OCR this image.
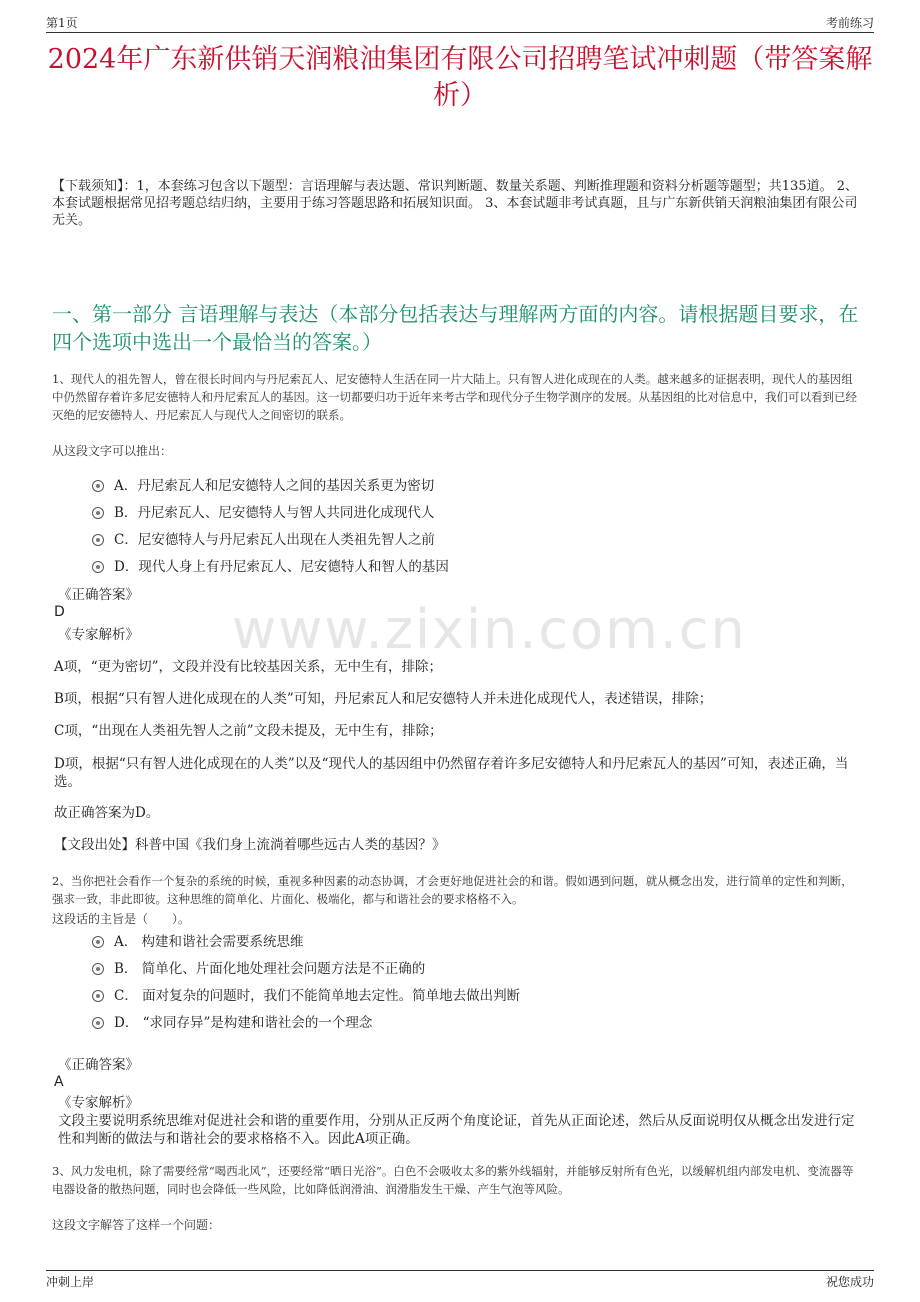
第1页	考前练习
www.zixin.com.cn
2024年广东新供销天润粮油集团有限公司招聘笔试冲刺题（带答案解析）
【下载须知】：1，本套练习包含以下题型：言语理解与表达题、常识判断题、数量关系题、判断推理题和资料分析题等题型；共135道。 2、本套试题根据常见招考题总结归纳，主要用于练习答题思路和拓展知识面。 3、本套试题非考试真题，且与广东新供销天润粮油集团有限公司无关。
一、第一部分 言语理解与表达（本部分包括表达与理解两方面的内容。请根据题目要求，在四个选项中选出一个最恰当的答案。）
1、现代人的祖先智人，曾在很长时间内与丹尼索瓦人、尼安德特人生活在同一片大陆上。只有智人进化成现在的人类。越来越多的证据表明，现代人的基因组中仍然留存着许多尼安德特人和丹尼索瓦人的基因。这一切都要归功于近年来考古学和现代分子生物学测序的发展。从基因组的比对信息中，我们可以看到已经灭绝的尼安德特人、丹尼索瓦人与现代人之间密切的联系。
从这段文字可以推出：
A．丹尼索瓦人和尼安德特人之间的基因关系更为密切
B．丹尼索瓦人、尼安德特人与智人共同进化成现代人
C．尼安德特人与丹尼索瓦人出现在人类祖先智人之前
D．现代人身上有丹尼索瓦人、尼安德特人和智人的基因
《正确答案》
D
《专家解析》
A项，“更为密切”，文段并没有比较基因关系，无中生有，排除；
B项，根据“只有智人进化成现在的人类”可知，丹尼索瓦人和尼安德特人并未进化成现代人，表述错误，排除；
C项，“出现在人类祖先智人之前”文段未提及，无中生有，排除；
D项，根据“只有智人进化成现在的人类”以及“现代人的基因组中仍然留存着许多尼安德特人和丹尼索瓦人的基因”可知，表述正确，当选。
故正确答案为D。
【文段出处】科普中国《我们身上流淌着哪些远古人类的基因？》
2、当你把社会看作一个复杂的系统的时候，重视多种因素的动态协调，才会更好地促进社会的和谐。假如遇到问题，就从概念出发，进行简单的定性和判断，强求一致，非此即彼。这种思维的简单化、片面化、极端化，都与和谐社会的要求格格不入。
这段话的主旨是（　　）。
A． 构建和谐社会需要系统思维
B． 简单化、片面化地处理社会问题方法是不正确的
C． 面对复杂的问题时，我们不能简单地去定性。简单地去做出判断
D． “求同存异”是构建和谐社会的一个理念
《正确答案》
A
《专家解析》
文段主要说明系统思维对促进社会和谐的重要作用，分别从正反两个角度论证，首先从正面论述，然后从反面说明仅从概念出发进行定性和判断的做法与和谐社会的要求格格不入。因此A项正确。
3、风力发电机，除了需要经常“喝西北风”，还要经常“晒日光浴”。白色不会吸收太多的紫外线辐射，并能够反射所有色光，以缓解机组内部发电机、变流器等电器设备的散热问题，同时也会降低一些风险，比如降低润滑油、润滑脂发生干燥、产生气泡等风险。
这段文字解答了这样一个问题：
冲刺上岸	祝您成功
